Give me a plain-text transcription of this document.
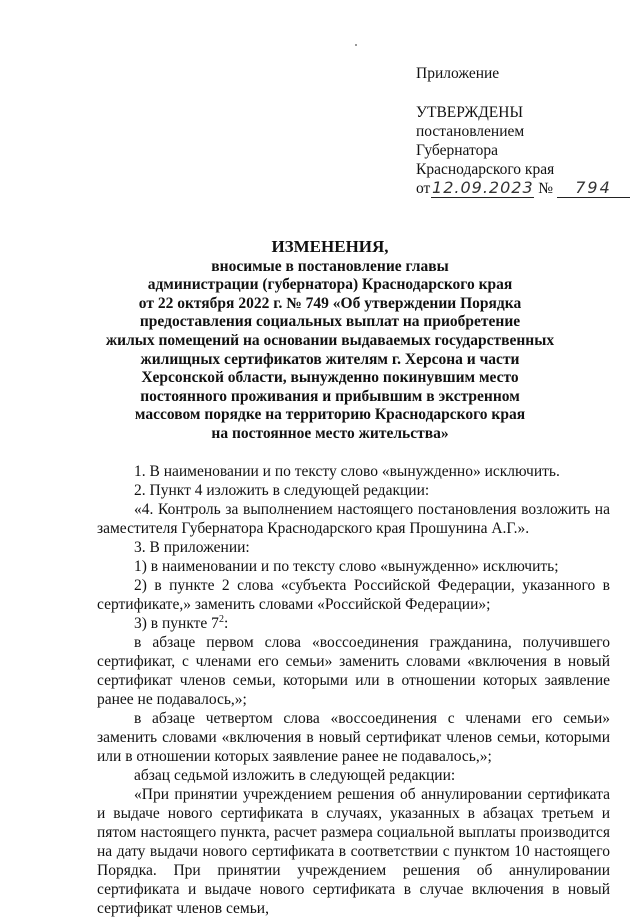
Приложение
УТВЕРЖДЕНЫ
постановлением
Губернатора
Краснодарского края
от 12.09.2023 № 794
ИЗМЕНЕНИЯ,
вносимые в постановление главы
администрации (губернатора) Краснодарского края
от 22 октября 2022 г. № 749 «Об утверждении Порядка
предоставления социальных выплат на приобретение
жилых помещений на основании выдаваемых государственных
жилищных сертификатов жителям г. Херсона и части
Херсонской области, вынужденно покинувшим место
постоянного проживания и прибывшим в экстренном
массовом порядке на территорию Краснодарского края
на постоянное место жительства»

1. В наименовании и по тексту слово «вынужденно» исключить.

2. Пункт 4 изложить в следующей редакции:

«4. Контроль за выполнением настоящего постановления возложить на заместителя Губернатора Краснодарского края Прошунина А.Г.».

3. В приложении:

1) в наименовании и по тексту слово «вынужденно» исключить;

2) в пункте 2 слова «субъекта Российской Федерации, указанного в сертификате,» заменить словами «Российской Федерации»;

3) в пункте $7^2$:

в абзаце первом слова «воссоединения гражданина, получившего сертификат, с членами его семьи» заменить словами «включения в новый сертификат членов семьи, которыми или в отношении которых заявление ранее не подавалось,»;

в абзаце четвертом слова «воссоединения с членами его семьи» заменить словами «включения в новый сертификат членов семьи, которыми или в отношении которых заявление ранее не подавалось,»;

абзац седьмой изложить в следующей редакции:

«При принятии учреждением решения об аннулировании сертификата и выдаче нового сертификата в случаях, указанных в абзацах третьем и пятом настоящего пункта, расчет размера социальной выплаты производится на дату выдачи нового сертификата в соответствии с пунктом 10 настоящего Порядка. При принятии учреждением решения об аннулировании сертификата и выдаче нового сертификата в случае включения в новый сертификат членов семьи,
